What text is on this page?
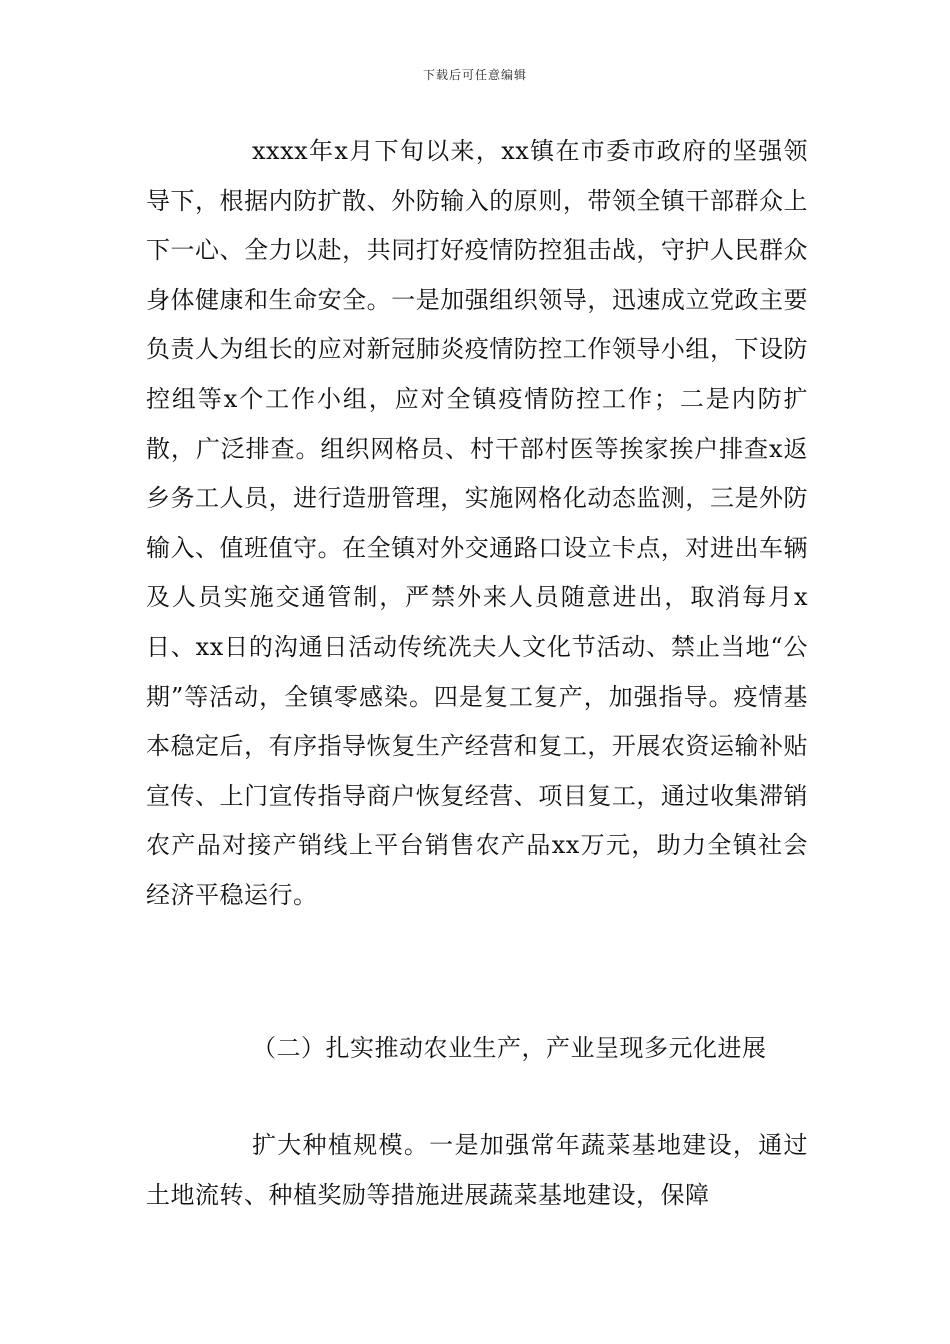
下载后可任意编辑

xxxx年x月下旬以来，xx镇在市委市政府的坚强领导下，根据内防扩散、外防输入的原则，带领全镇干部群众上下一心、全力以赴，共同打好疫情防控狙击战，守护人民群众身体健康和生命安全。一是加强组织领导，迅速成立党政主要负责人为组长的应对新冠肺炎疫情防控工作领导小组，下设防控组等x个工作小组，应对全镇疫情防控工作；二是内防扩散，广泛排查。组织网格员、村干部村医等挨家挨户排查x返乡务工人员，进行造册管理，实施网格化动态监测，三是外防输入、值班值守。在全镇对外交通路口设立卡点，对进出车辆及人员实施交通管制，严禁外来人员随意进出，取消每月x日、xx日的沟通日活动传统冼夫人文化节活动、禁止当地“公期”等活动，全镇零感染。四是复工复产，加强指导。疫情基本稳定后，有序指导恢复生产经营和复工，开展农资运输补贴宣传、上门宣传指导商户恢复经营、项目复工，通过收集滞销农产品对接产销线上平台销售农产品xx万元，助力全镇社会经济平稳运行。

（二）扎实推动农业生产，产业呈现多元化进展

扩大种植规模。一是加强常年蔬菜基地建设，通过土地流转、种植奖励等措施进展蔬菜基地建设，保障
